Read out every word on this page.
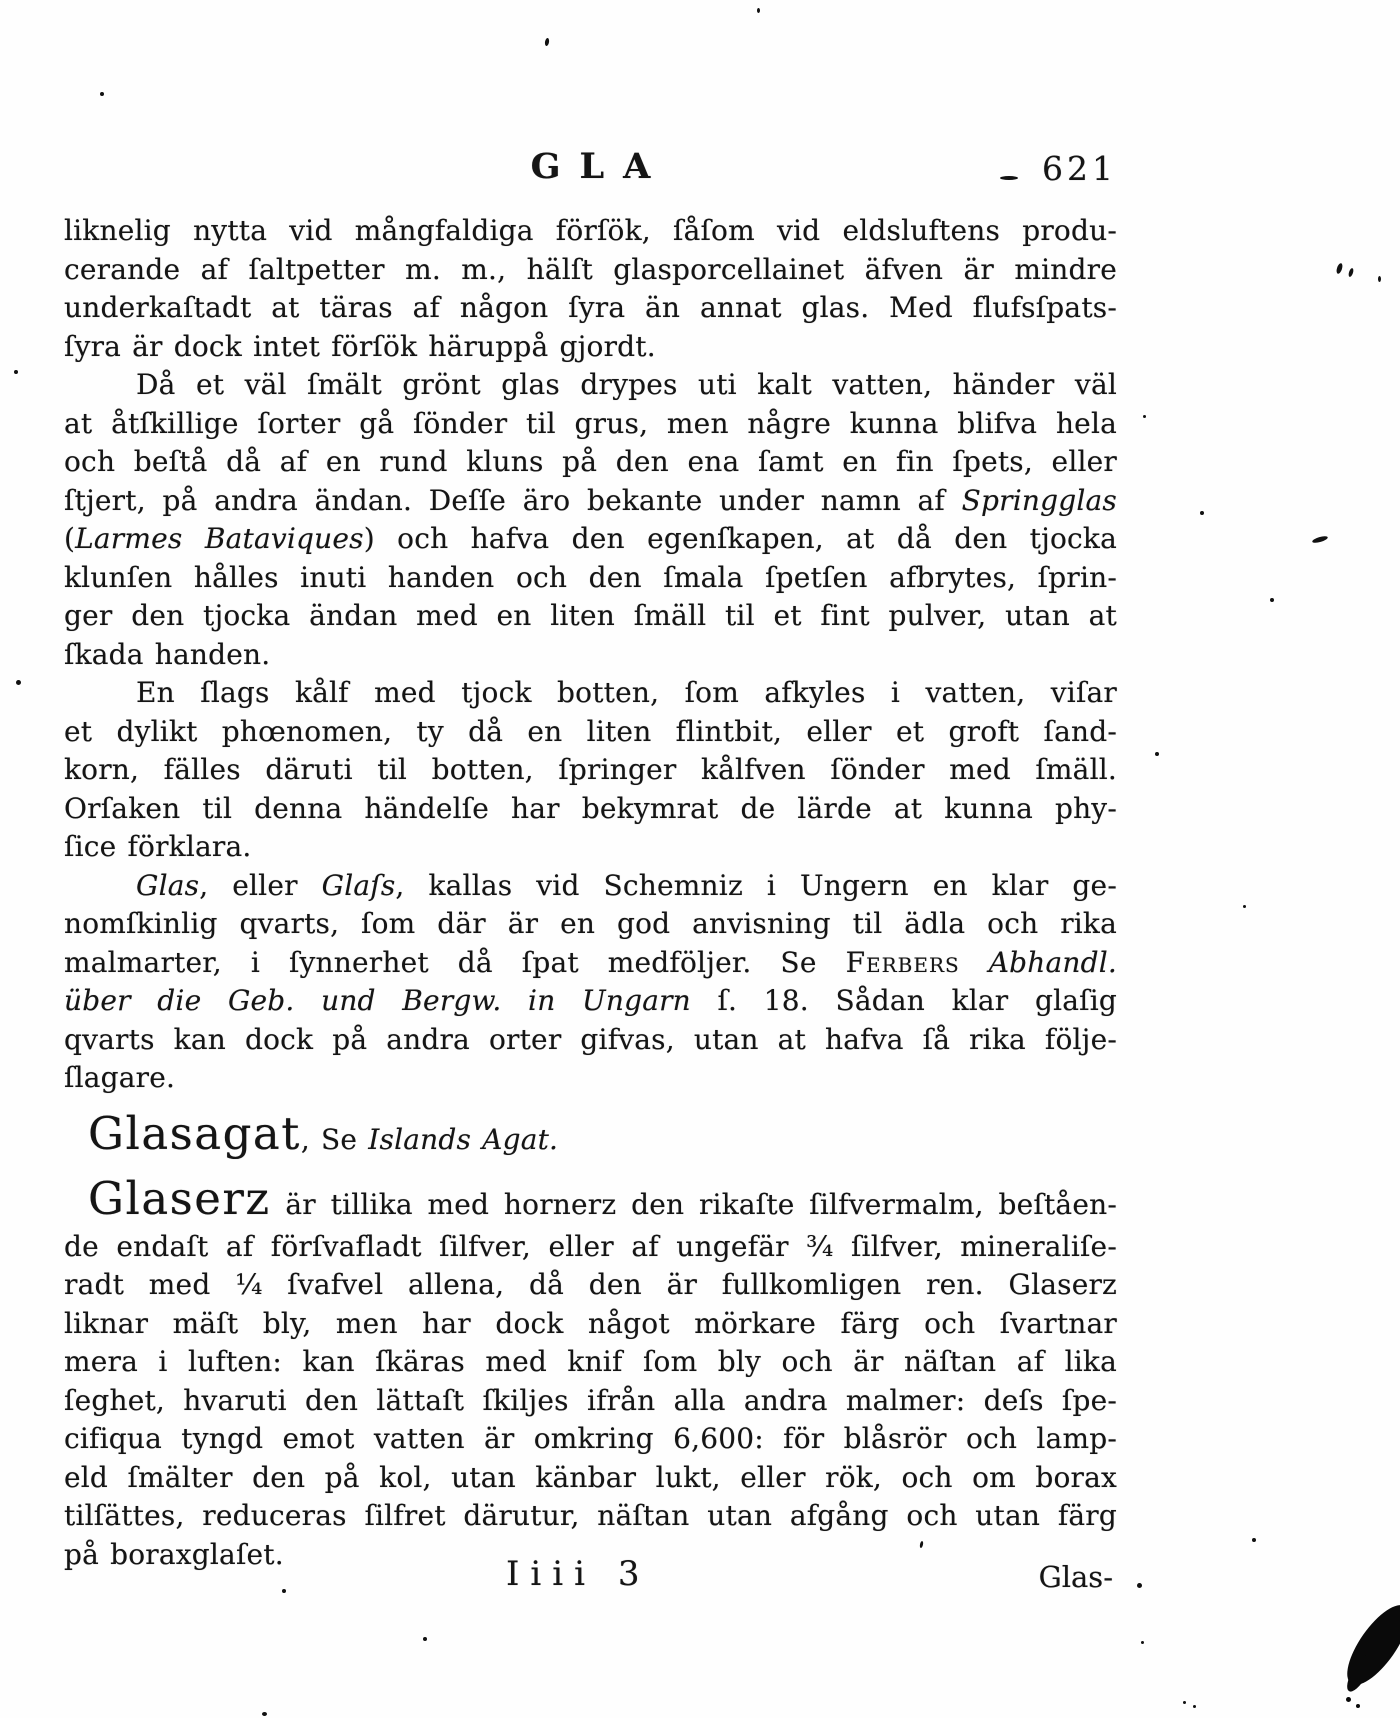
GLA	621
liknelig nytta vid mångfaldiga förſök, ſåſom vid eldsluftens produ-
cerande af ſaltpetter m. m., hälſt glasporcellainet äfven är mindre
underkaſtadt at täras af någon ſyra än annat glas. Med flufsſpats-
ſyra är dock intet förſök häruppå gjordt.
Då et väl ſmält grönt glas drypes uti kalt vatten, händer väl
at åtſkillige ſorter gå ſönder til grus, men någre kunna blifva hela
och beſtå då af en rund kluns på den ena ſamt en fin ſpets, eller
ſtjert, på andra ändan. Deſſe äro bekante under namn af Springglas
(Larmes Bataviques) och hafva den egenſkapen, at då den tjocka
klunſen hålles inuti handen och den ſmala ſpetſen afbrytes, ſprin-
ger den tjocka ändan med en liten ſmäll til et fint pulver, utan at
ſkada handen.
En ſlags kålf med tjock botten, ſom afkyles i vatten, viſar
et dylikt phœnomen, ty då en liten flintbit, eller et groft ſand-
korn, fälles däruti til botten, ſpringer kålfven ſönder med ſmäll.
Orſaken til denna händelſe har bekymrat de lärde at kunna phy-
ſice förklara.
Glas, eller Glaſs, kallas vid Schemniz i Ungern en klar ge-
nomſkinlig qvarts, ſom där är en god anvisning til ädla och rika
malmarter, i ſynnerhet då ſpat medföljer. Se Ferbers Abhandl.
über die Geb. und Bergw. in Ungarn ſ. 18. Sådan klar glaſig
qvarts kan dock på andra orter gifvas, utan at hafva ſå rika följe-
ſlagare.
Glasagat, Se Islands Agat.
Glaserz är tillika med hornerz den rikaſte ſilfvermalm, beſtåen-
de endaſt af förſvafladt ſilfver, eller af ungefär ¾ ſilfver, mineraliſe-
radt med ¼ ſvafvel allena, då den är fullkomligen ren. Glaserz
liknar mäſt bly, men har dock något mörkare färg och ſvartnar
mera i luften: kan ſkäras med knif ſom bly och är näſtan af lika
ſeghet, hvaruti den lättaſt ſkiljes ifrån alla andra malmer: deſs ſpe-
cifiqua tyngd emot vatten är omkring 6,600: för blåsrör och lamp-
eld ſmälter den på kol, utan känbar lukt, eller rök, och om borax
tilſättes, reduceras ſilfret därutur, näſtan utan afgång och utan färg
på boraxglaſet.	Iiii 3	Glas-
